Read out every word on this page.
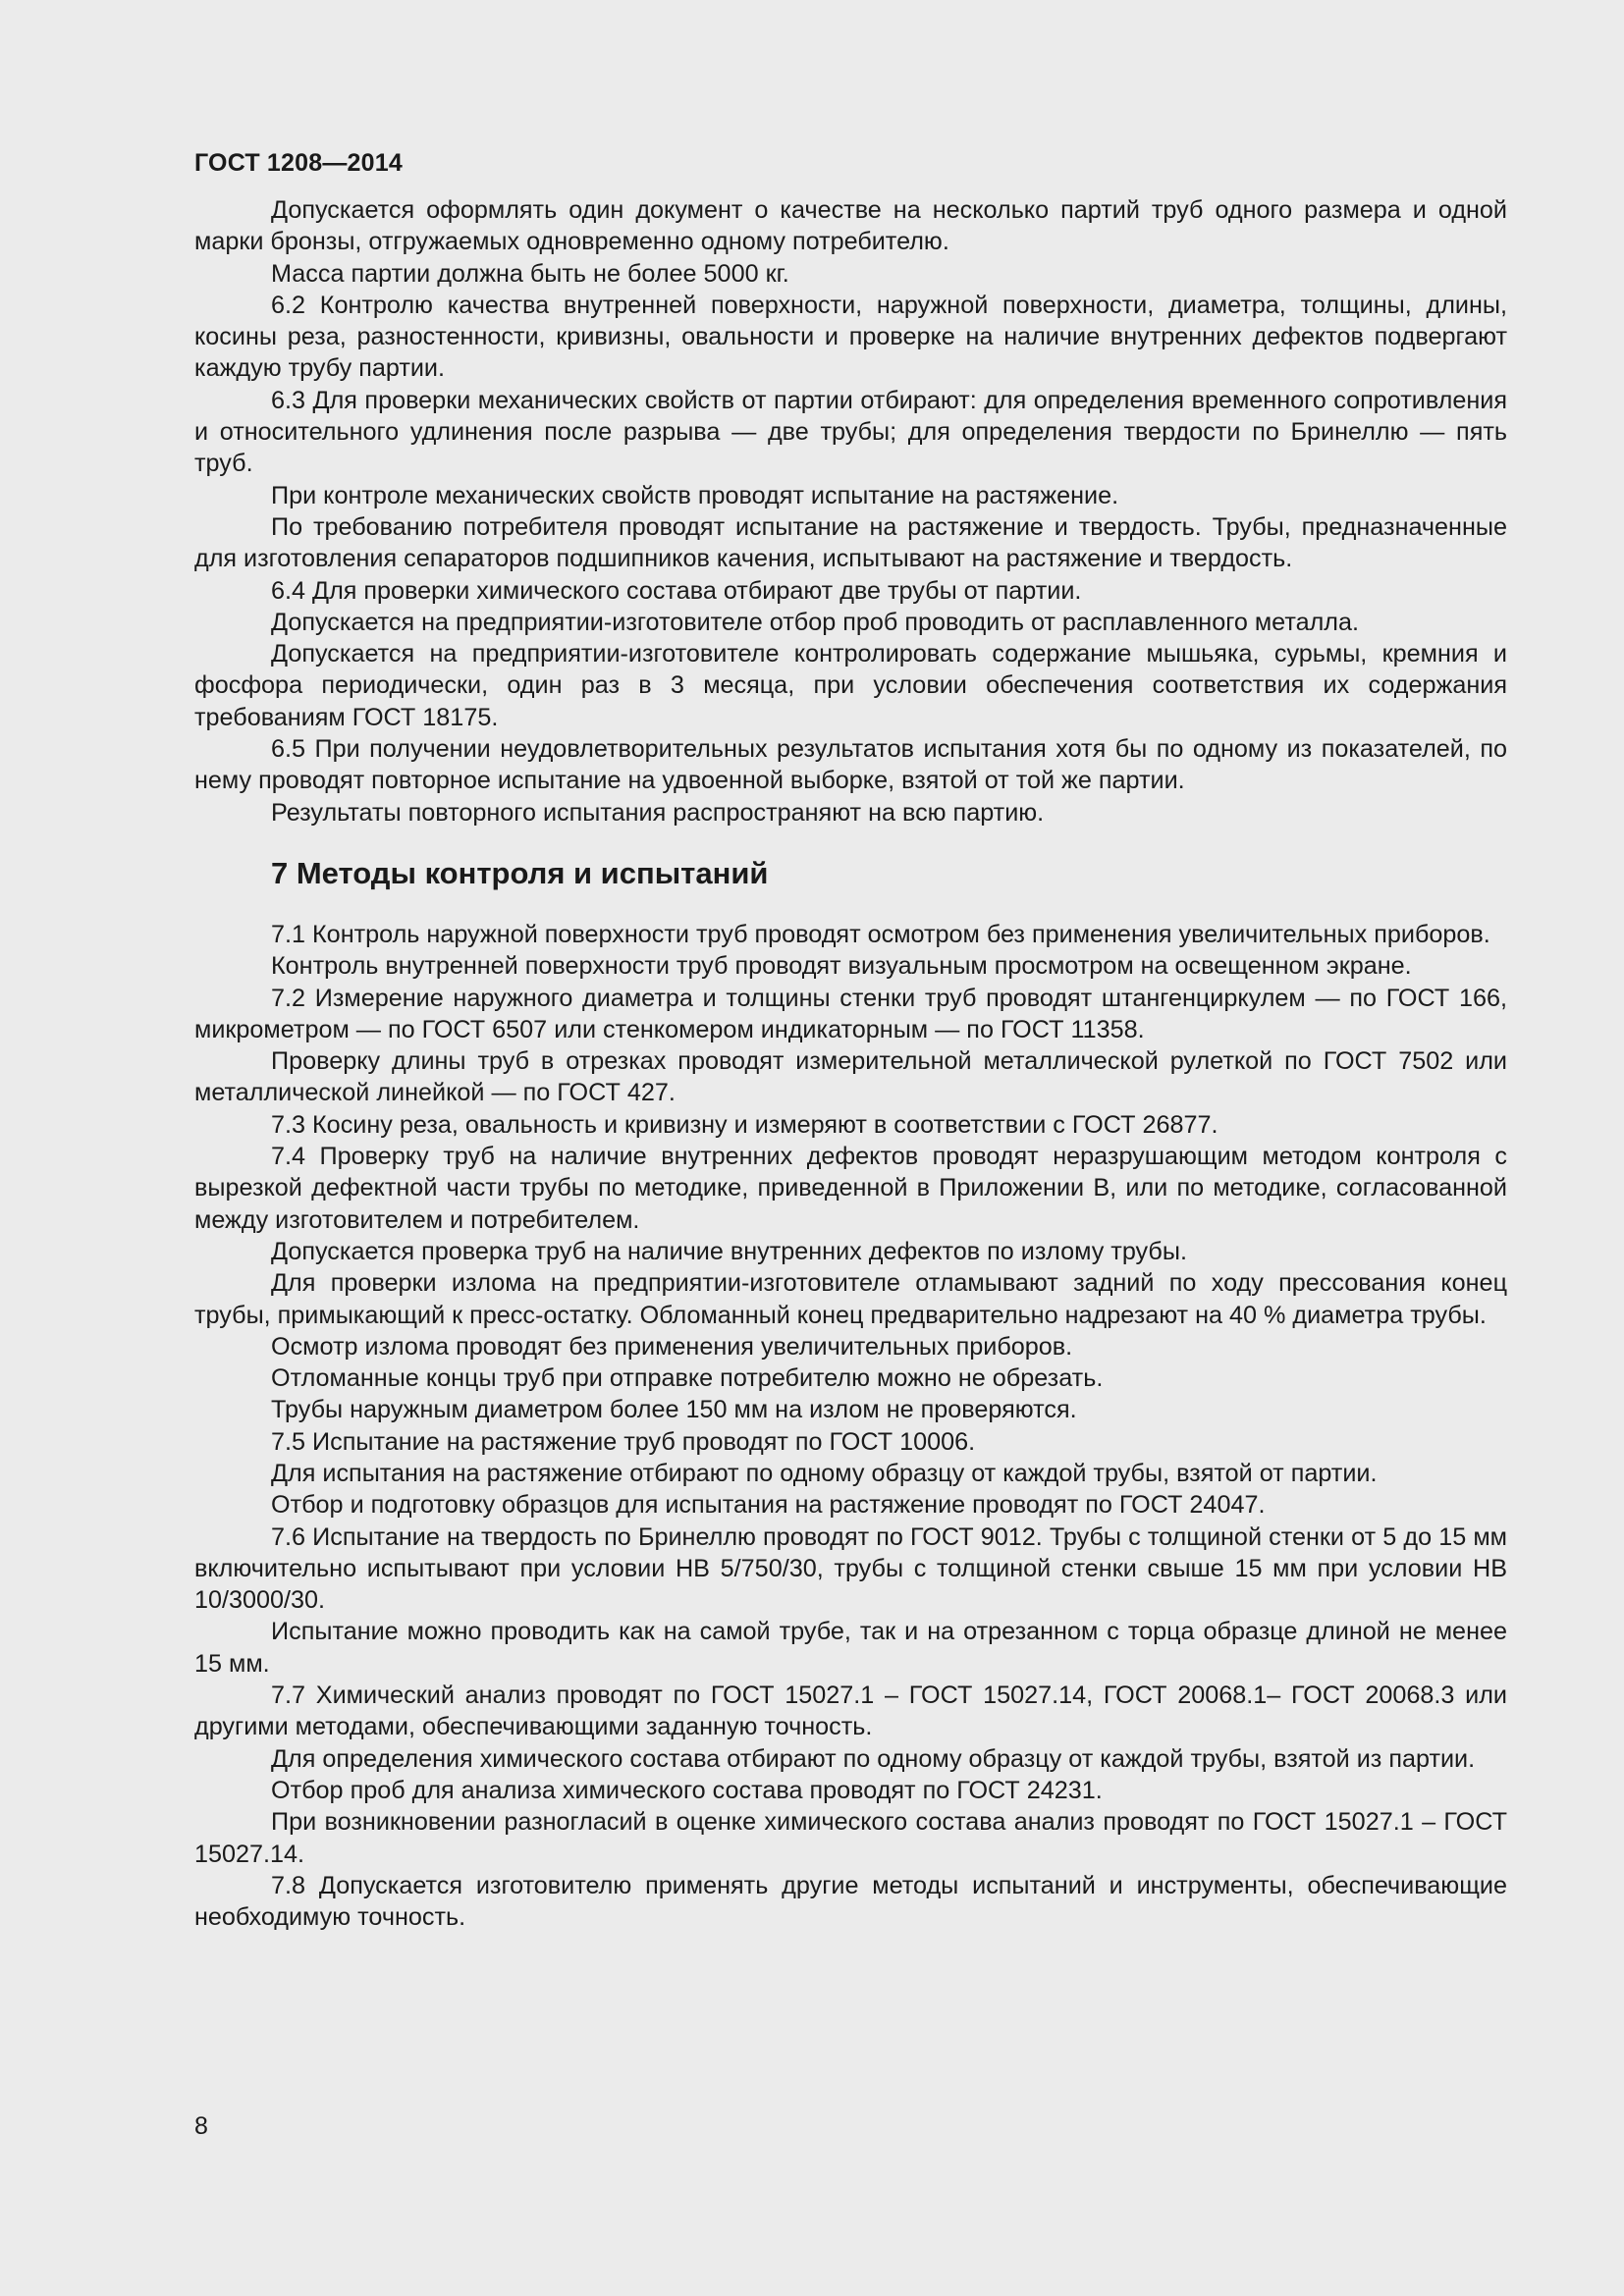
ГОСТ 1208—2014

Допускается оформлять один документ о качестве на несколько партий труб одного размера и одной марки бронзы, отгружаемых одновременно одному потребителю.

Масса партии должна быть не более 5000 кг.

6.2 Контролю качества внутренней поверхности, наружной поверхности, диаметра, толщины, длины, косины реза, разностенности, кривизны, овальности и проверке на наличие внутренних дефектов подвергают каждую трубу партии.

6.3 Для проверки механических свойств от партии отбирают: для определения временного сопротивления и относительного удлинения после разрыва — две трубы; для определения твердости по Бринеллю — пять труб.

При контроле механических свойств проводят испытание на растяжение.

По требованию потребителя проводят испытание на растяжение и твердость. Трубы, предназначенные для изготовления сепараторов подшипников качения, испытывают на растяжение и твердость.

6.4 Для проверки химического состава отбирают две трубы от партии.

Допускается на предприятии-изготовителе отбор проб проводить от расплавленного металла.

Допускается на предприятии-изготовителе контролировать содержание мышьяка, сурьмы, кремния и фосфора периодически, один раз в 3 месяца, при условии обеспечения соответствия их содержания требованиям ГОСТ 18175.

6.5 При получении неудовлетворительных результатов испытания хотя бы по одному из показателей, по нему проводят повторное испытание на удвоенной выборке, взятой от той же партии.

Результаты повторного испытания распространяют на всю партию.

7 Методы контроля и испытаний

7.1 Контроль наружной поверхности труб проводят осмотром без применения увеличительных приборов.

Контроль внутренней поверхности труб проводят визуальным просмотром на освещенном экране.

7.2 Измерение наружного диаметра и толщины стенки труб проводят штангенциркулем — по ГОСТ 166, микрометром — по ГОСТ 6507 или стенкомером индикаторным — по ГОСТ 11358.

Проверку длины труб в отрезках проводят измерительной металлической рулеткой по ГОСТ 7502 или металлической линейкой — по ГОСТ 427.

7.3 Косину реза, овальность и кривизну и измеряют в соответствии с ГОСТ 26877.

7.4 Проверку труб на наличие внутренних дефектов проводят неразрушающим методом контроля с вырезкой дефектной части трубы по методике, приведенной в Приложении В, или по методике, согласованной между изготовителем и потребителем.

Допускается проверка труб на наличие внутренних дефектов по излому трубы.

Для проверки излома на предприятии-изготовителе отламывают задний по ходу прессования конец трубы, примыкающий к пресс-остатку. Обломанный конец предварительно надрезают на 40 % диаметра трубы.

Осмотр излома проводят без применения увеличительных приборов.

Отломанные концы труб при отправке потребителю можно не обрезать.

Трубы наружным диаметром более 150 мм на излом не проверяются.

7.5 Испытание на растяжение труб проводят по ГОСТ 10006.

Для испытания на растяжение отбирают по одному образцу от каждой трубы, взятой от партии.

Отбор и подготовку образцов для испытания на растяжение проводят по ГОСТ 24047.

7.6 Испытание на твердость по Бринеллю проводят по ГОСТ 9012. Трубы с толщиной стенки от 5 до 15 мм включительно испытывают при условии НВ 5/750/30, трубы с толщиной стенки свыше 15 мм при условии НВ 10/3000/30.

Испытание можно проводить как на самой трубе, так и на отрезанном с торца образце длиной не менее 15 мм.

7.7 Химический анализ проводят по ГОСТ 15027.1 – ГОСТ 15027.14, ГОСТ 20068.1– ГОСТ 20068.3 или другими методами, обеспечивающими заданную точность.

Для определения химического состава отбирают по одному образцу от каждой трубы, взятой из партии.

Отбор проб для анализа химического состава проводят по ГОСТ 24231.

При возникновении разногласий в оценке химического состава анализ проводят по ГОСТ 15027.1 – ГОСТ 15027.14.

7.8 Допускается изготовителю применять другие методы испытаний и инструменты, обеспечивающие необходимую точность.

8
